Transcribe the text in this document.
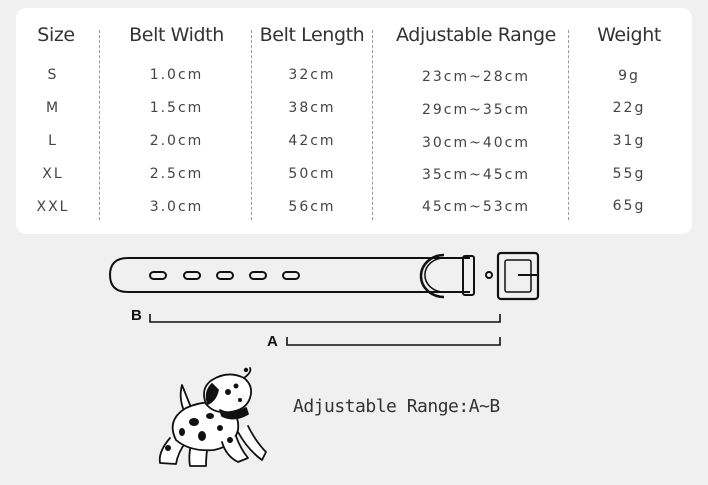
Size	Belt Width	Belt Length	Adjustable Range	Weight
S	1.0cm	32cm	23cm~28cm	9g
M	1.5cm	38cm	29cm~35cm	22g
L	2.0cm	42cm	30cm~40cm	31g
XL	2.5cm	50cm	35cm~45cm	55g
XXL	3.0cm	56cm	45cm~53cm	65g
B
A
Adjustable Range:A~B
